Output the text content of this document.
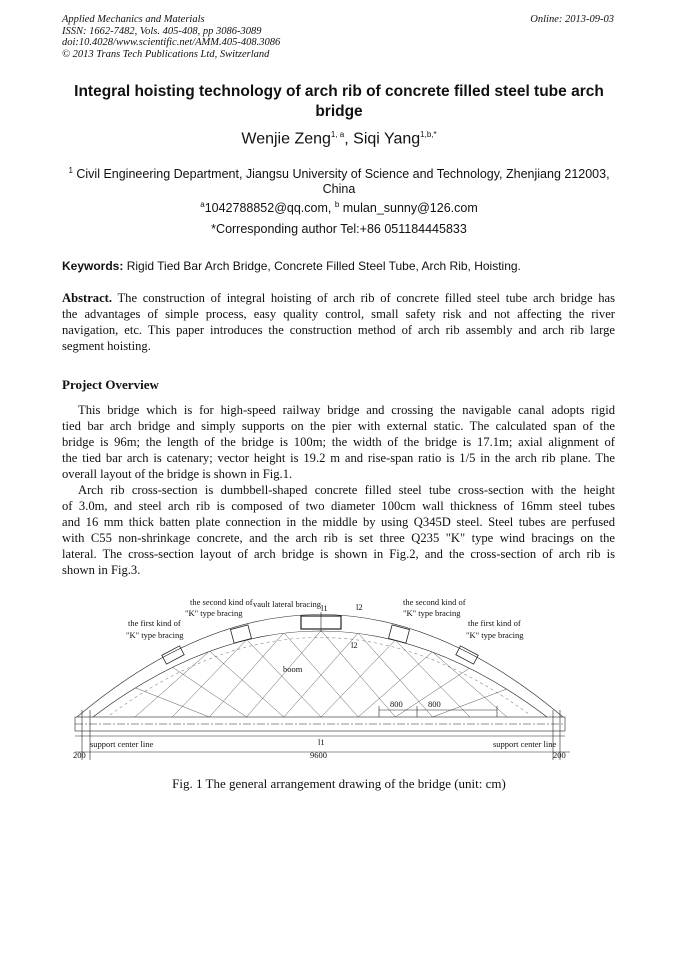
Applied Mechanics and Materials
ISSN: 1662-7482, Vols. 405-408, pp 3086-3089
doi:10.4028/www.scientific.net/AMM.405-408.3086
© 2013 Trans Tech Publications Ltd, Switzerland
Online: 2013-09-03
Integral hoisting technology of arch rib of concrete filled steel tube arch bridge
Wenjie Zeng$^{1, a}$, Siqi Yang$^{1,b,*}$
$^1$ Civil Engineering Department, Jiangsu University of Science and Technology, Zhenjiang 212003, China
$^a$1042788852@qq.com, $^b$ mulan_sunny@126.com
*Corresponding author Tel:+86 051184445833
Keywords: Rigid Tied Bar Arch Bridge, Concrete Filled Steel Tube, Arch Rib, Hoisting.
Abstract. The construction of integral hoisting of arch rib of concrete filled steel tube arch bridge has
the advantages of simple process, easy quality control, small safety risk and not affecting the river
navigation, etc. This paper introduces the construction method of arch rib assembly and arch rib large
segment hoisting.
Project Overview
This bridge which is for high-speed railway bridge and crossing the navigable canal adopts rigid
tied bar arch bridge and simply supports on the pier with external static. The calculated span of the
bridge is 96m; the length of the bridge is 100m; the width of the bridge is 17.1m; axial alignment of
the tied bar arch is catenary; vector height is 19.2 m and rise-span ratio is 1/5 in the arch rib plane. The
overall layout of the bridge is shown in Fig.1.
Arch rib cross-section is dumbbell-shaped concrete filled steel tube cross-section with the height
of 3.0m, and steel arch rib is composed of two diameter 100cm wall thickness of 16mm steel tubes
and 16 mm thick batten plate connection in the middle by using Q345D steel. Steel tubes are perfused
with C55 non-shrinkage concrete, and the arch rib is set three Q235 "K" type wind bracings on the
lateral. The cross-section layout of arch bridge is shown in Fig.2, and the cross-section of arch rib is
shown in Fig.3.
the second kind of
"K" type bracing
the first kind of
"K" type bracing
vault lateral bracing l1	l2
l2
boom
the second kind of
"K" type bracing
the first kind of
"K" type bracing
800	800
support center line	support center line
l1
9600
200	200
Fig. 1 The general arrangement drawing of the bridge (unit: cm)
